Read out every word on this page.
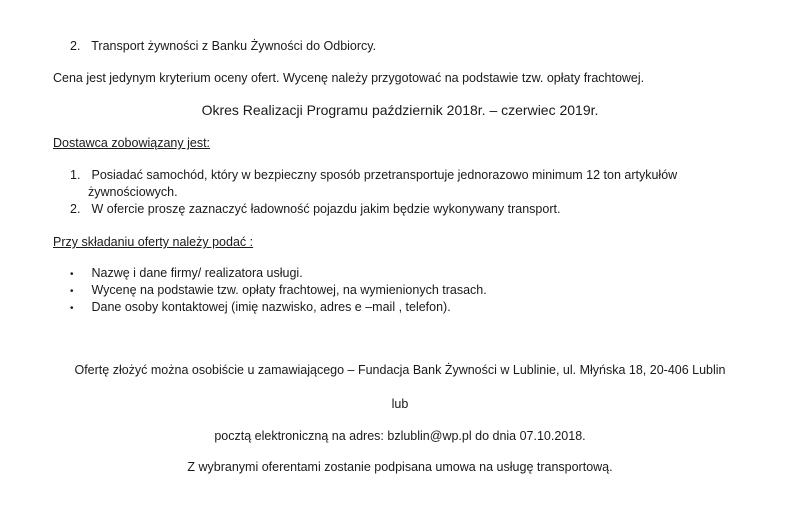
2. Transport żywności z Banku Żywności do Odbiorcy.
Cena jest jedynym kryterium oceny ofert. Wycenę należy przygotować na podstawie tzw. opłaty frachtowej.
Okres Realizacji Programu październik 2018r. – czerwiec 2019r.
Dostawca zobowiązany jest:
1. Posiadać samochód, który w bezpieczny sposób przetransportuje jednorazowo minimum 12 ton artykułów
żywnościowych.
2. W ofercie proszę zaznaczyć ładowność pojazdu jakim będzie wykonywany transport.
Przy składaniu oferty należy podać :
• Nazwę i dane firmy/ realizatora usługi.
• Wycenę na podstawie tzw. opłaty frachtowej, na wymienionych trasach.
• Dane osoby kontaktowej (imię nazwisko, adres e –mail , telefon).
Ofertę złożyć można osobiście u zamawiającego – Fundacja Bank Żywności w Lublinie, ul. Młyńska 18, 20-406 Lublin
lub
pocztą elektroniczną na adres: bzlublin@wp.pl do dnia 07.10.2018.
Z wybranymi oferentami zostanie podpisana umowa na usługę transportową.
